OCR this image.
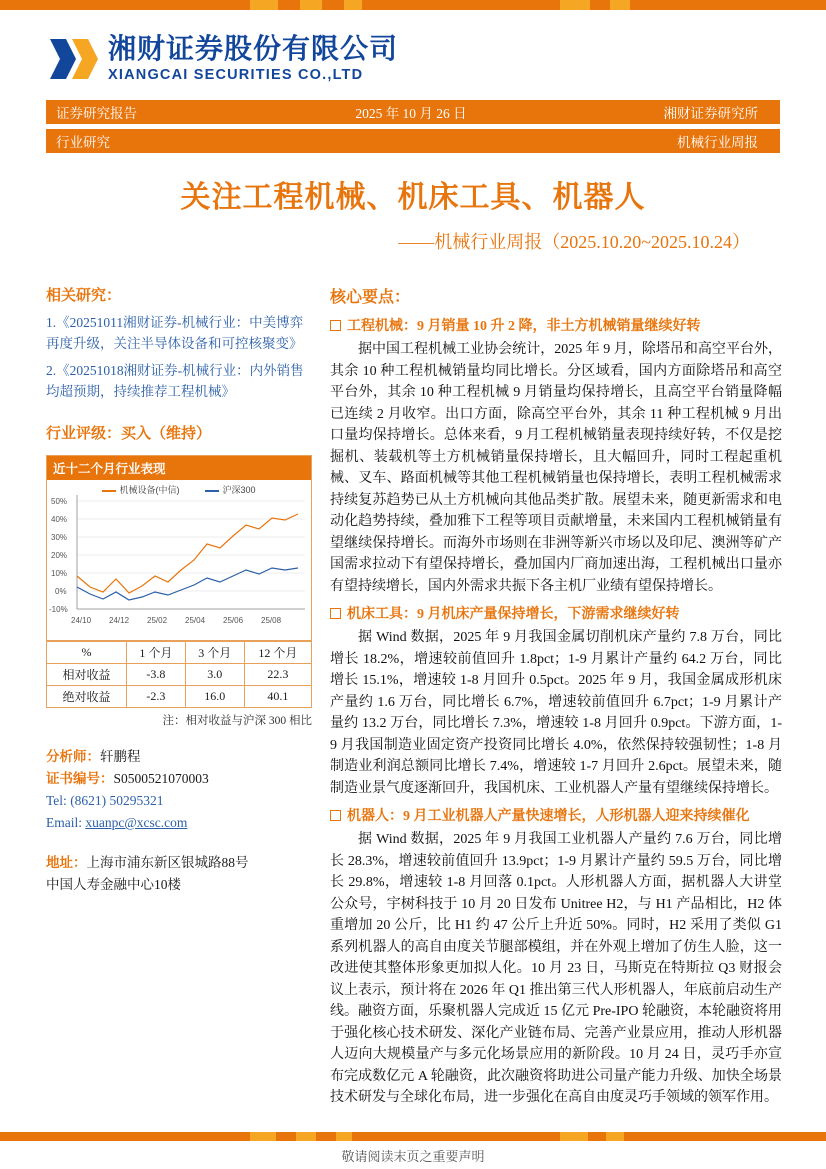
湘财证券股份有限公司
XIANGCAI SECURITIES CO.,LTD
证券研究报告	2025 年 10 月 26 日	湘财证券研究所
行业研究	机械行业周报
关注工程机械、机床工具、机器人
——机械行业周报（2025.10.20~2025.10.24）
相关研究：
1.《20251011湘财证券-机械行业：中美博弈再度升级，关注半导体设备和可控核聚变》
2.《20251018湘财证券-机械行业：内外销售均超预期，持续推荐工程机械》
行业评级：买入（维持）
近十二个月行业表现
机械设备(中信)	沪深300
50%
40%
30%
20%
10%
0%
-10%
24/10 24/12 25/02 25/04 25/06 25/08
%	1 个月	3 个月	12 个月
相对收益	-3.8	3.0	22.3
绝对收益	-2.3	16.0	40.1
注：相对收益与沪深 300 相比
分析师：轩鹏程
证书编号：S0500521070003
Tel: (8621) 50295321
Email: xuanpc@xcsc.com
地址：上海市浦东新区银城路88号
中国人寿金融中心10楼
核心要点：
工程机械：9 月销量 10 升 2 降，非土方机械销量继续好转

据中国工程机械工业协会统计，2025 年 9 月，除塔吊和高空平台外，其余 10 种工程机械销量均同比增长。分区域看，国内方面除塔吊和高空平台外，其余 10 种工程机械 9 月销量均保持增长，且高空平台销量降幅已连续 2 月收窄。出口方面，除高空平台外，其余 11 种工程机械 9 月出口量均保持增长。总体来看，9 月工程机械销量表现持续好转，不仅是挖掘机、装载机等土方机械销量保持增长，且大幅回升，同时工程起重机械、叉车、路面机械等其他工程机械销量也保持增长，表明工程机械需求持续复苏趋势已从土方机械向其他品类扩散。展望未来，随更新需求和电动化趋势持续，叠加雅下工程等项目贡献增量，未来国内工程机械销量有望继续保持增长。而海外市场则在非洲等新兴市场以及印尼、澳洲等矿产国需求拉动下有望保持增长，叠加国内厂商加速出海，工程机械出口量亦有望持续增长，国内外需求共振下各主机厂业绩有望保持增长。

机床工具：9 月机床产量保持增长，下游需求继续好转

据 Wind 数据，2025 年 9 月我国金属切削机床产量约 7.8 万台，同比增长 18.2%，增速较前值回升 1.8pct；1-9 月累计产量约 64.2 万台，同比增长 15.1%，增速较 1-8 月回升 0.5pct。2025 年 9 月，我国金属成形机床产量约 1.6 万台，同比增长 6.7%，增速较前值回升 6.7pct；1-9 月累计产量约 13.2 万台，同比增长 7.3%，增速较 1-8 月回升 0.9pct。下游方面，1-9 月我国制造业固定资产投资同比增长 4.0%，依然保持较强韧性；1-8 月制造业利润总额同比增长 7.4%，增速较 1-7 月回升 2.6pct。展望未来，随制造业景气度逐渐回升，我国机床、工业机器人产量有望继续保持增长。

机器人：9 月工业机器人产量快速增长，人形机器人迎来持续催化

据 Wind 数据，2025 年 9 月我国工业机器人产量约 7.6 万台，同比增长 28.3%，增速较前值回升 13.9pct；1-9 月累计产量约 59.5 万台，同比增长 29.8%，增速较 1-8 月回落 0.1pct。人形机器人方面，据机器人大讲堂公众号，宇树科技于 10 月 20 日发布 Unitree H2，与 H1 产品相比，H2 体重增加 20 公斤，比 H1 约 47 公斤上升近 50%。同时，H2 采用了类似 G1 系列机器人的高自由度关节腿部模组，并在外观上增加了仿生人脸，这一改进使其整体形象更加拟人化。10 月 23 日，马斯克在特斯拉 Q3 财报会议上表示，预计将在 2026 年 Q1 推出第三代人形机器人，年底前启动生产线。融资方面，乐聚机器人完成近 15 亿元 Pre-IPO 轮融资，本轮融资将用于强化核心技术研发、深化产业链布局、完善产业景应用，推动人形机器人迈向大规模量产与多元化场景应用的新阶段。10 月 24 日，灵巧手亦宣布完成数亿元 A 轮融资，此次融资将助进公司量产能力升级、加快全场景技术研发与全球化布局，进一步强化在高自由度灵巧手领域的领军作用。

敬请阅读末页之重要声明
